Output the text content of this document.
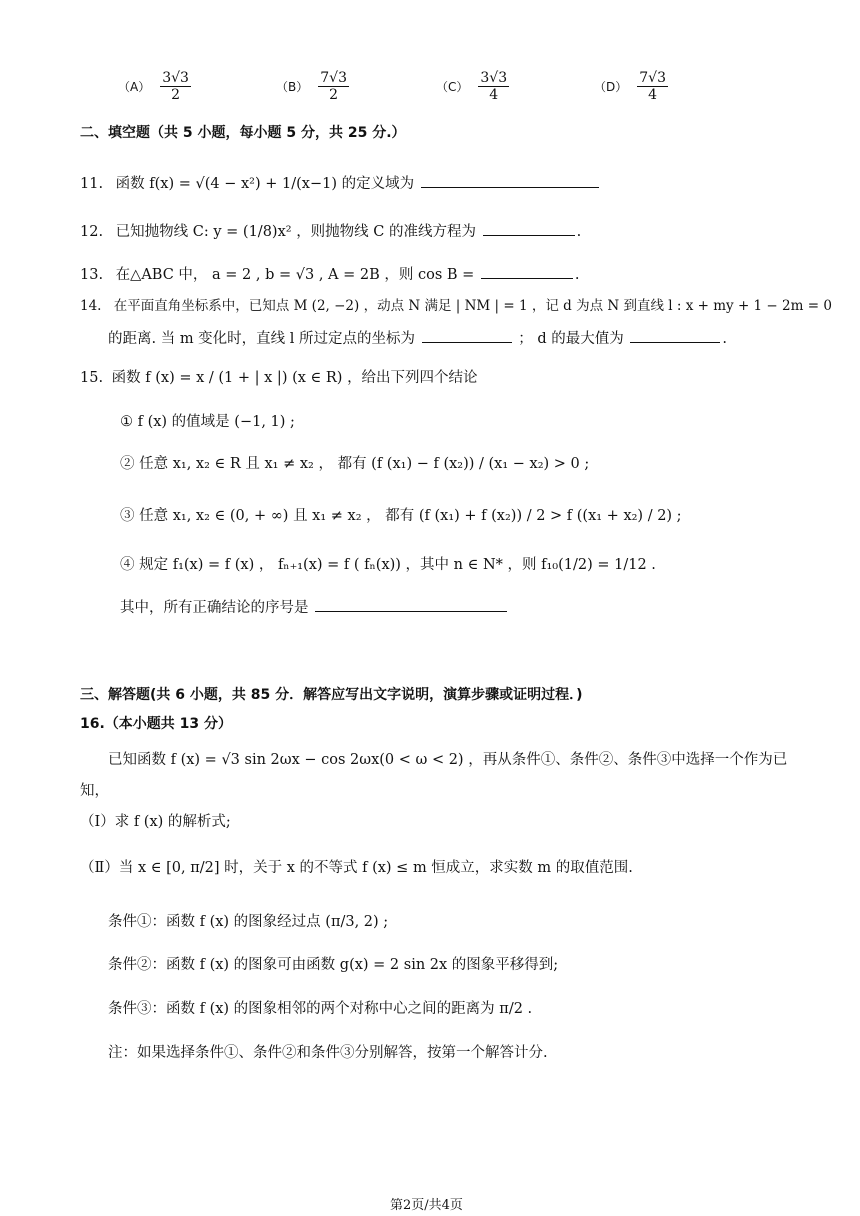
$(A) \frac{3√3}{2}$	$(B) \frac{7√3}{2}$	$(C) \frac{3√3}{4}$	$(D) \frac{7√3}{4}$
二、填空题（共 5 小题，每小题 5 分，共 25 分.）
11. 函数 f(x) = √(4 − x²) + 1/(x−1) 的定义域为
12. 已知抛物线 C: y = (1/8)x² ，则抛物线 C 的准线方程为	.
13. 在△ABC 中， a = 2 , b = √3 , A = 2B ，则 cos B =	.
14. 在平面直角坐标系中，已知点 M (2, −2) ，动点 N 满足 | NM | = 1 ，记 d 为点 N 到直线 l : x + my + 1 − 2m = 0
的距离. 当 m 变化时，直线 l 所过定点的坐标为	； d 的最大值为	.
15. 函数 f (x) = x / (1 + | x |) (x ∈ R) ，给出下列四个结论
① f (x) 的值域是 (−1, 1) ;
② 任意 x₁, x₂ ∈ R 且 x₁ ≠ x₂ ， 都有 (f (x₁) − f (x₂)) / (x₁ − x₂) > 0 ;
③ 任意 x₁, x₂ ∈ (0, + ∞) 且 x₁ ≠ x₂ ， 都有 (f (x₁) + f (x₂)) / 2 > f ((x₁ + x₂) / 2) ;
④ 规定 f₁(x) = f (x) ， fₙ₊₁(x) = f ( fₙ(x)) ，其中 n ∈ N* ，则 f₁₀(1/2) = 1/12 .
其中，所有正确结论的序号是
三、解答题(共 6 小题，共 85 分．解答应写出文字说明，演算步骤或证明过程．)
16.（本小题共 13 分）
已知函数 f (x) = √3 sin 2ωx − cos 2ωx(0 < ω < 2) ，再从条件①、条件②、条件③中选择一个作为已
知，
（Ⅰ）求 f (x) 的解析式;
（Ⅱ）当 x ∈ [0, π/2] 时，关于 x 的不等式 f (x) ≤ m 恒成立，求实数 m 的取值范围.
条件①：函数 f (x) 的图象经过点 (π/3, 2) ;
条件②：函数 f (x) 的图象可由函数 g(x) = 2 sin 2x 的图象平移得到;
条件③：函数 f (x) 的图象相邻的两个对称中心之间的距离为 π/2 .
注：如果选择条件①、条件②和条件③分别解答，按第一个解答计分.
第2页/共4页
